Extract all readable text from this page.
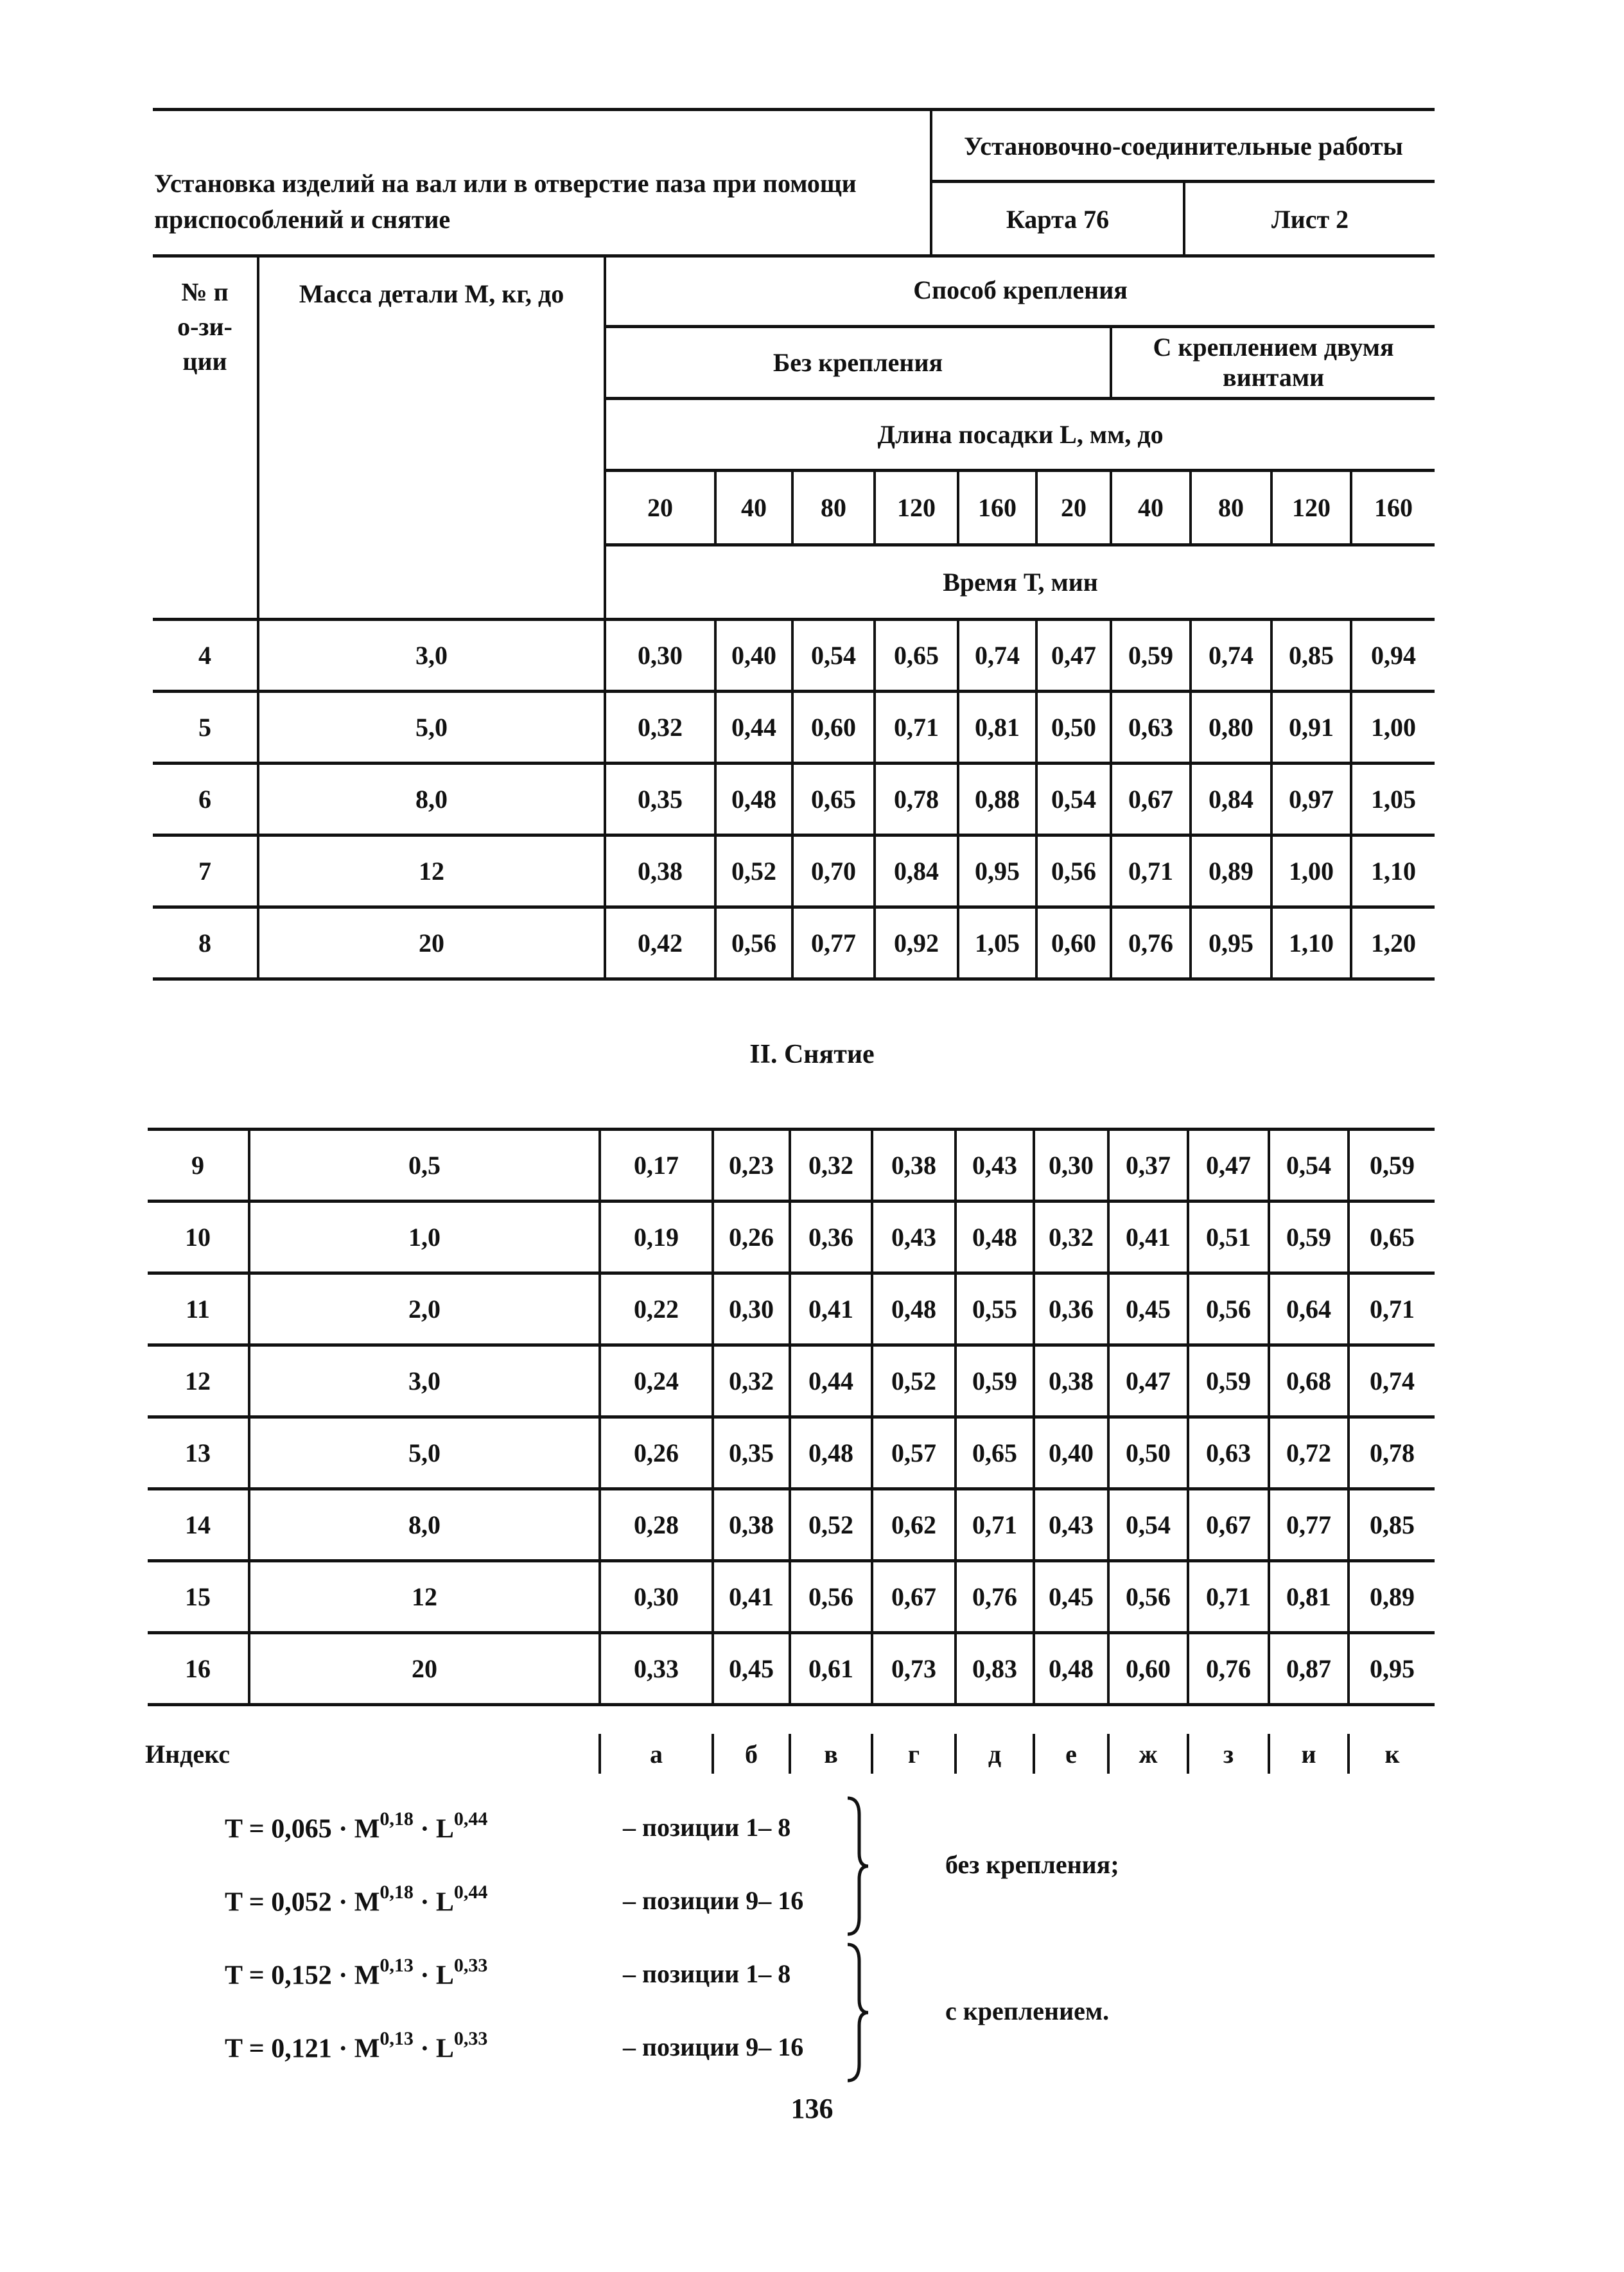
Установка изделий на вал или в отверстие паза при помощи приспособлений и снятие
Установочно-соединительные работы
Карта 76	Лист 2
№ по-зи-ции	Масса детали М, кг, до	Способ крепления									
		Без крепления						С креплением двумя винтами			
		Длина посадки L, мм, до									
		20	40	80	120	160	20	40	80	120	160
		Время Т, мин									
4	3,0	0,30	0,40	0,54	0,65	0,74	0,47	0,59	0,74	0,85	0,94
5	5,0	0,32	0,44	0,60	0,71	0,81	0,50	0,63	0,80	0,91	1,00
6	8,0	0,35	0,48	0,65	0,78	0,88	0,54	0,67	0,84	0,97	1,05
7	12	0,38	0,52	0,70	0,84	0,95	0,56	0,71	0,89	1,00	1,10
8	20	0,42	0,56	0,77	0,92	1,05	0,60	0,76	0,95	1,10	1,20
II. Снятие
9	0,5	0,17	0,23	0,32	0,38	0,43	0,30	0,37	0,47	0,54	0,59
10	1,0	0,19	0,26	0,36	0,43	0,48	0,32	0,41	0,51	0,59	0,65
11	2,0	0,22	0,30	0,41	0,48	0,55	0,36	0,45	0,56	0,64	0,71
12	3,0	0,24	0,32	0,44	0,52	0,59	0,38	0,47	0,59	0,68	0,74
13	5,0	0,26	0,35	0,48	0,57	0,65	0,40	0,50	0,63	0,72	0,78
14	8,0	0,28	0,38	0,52	0,62	0,71	0,43	0,54	0,67	0,77	0,85
15	12	0,30	0,41	0,56	0,67	0,76	0,45	0,56	0,71	0,81	0,89
16	20	0,33	0,45	0,61	0,73	0,83	0,48	0,60	0,76	0,87	0,95
Индекс	а	б	в	г	д	е	ж	з	и	к
T = 0,065 · M$^{0,18}$ · L$^{0,44}$	– позиции 1– 8
T = 0,052 · M$^{0,18}$ · L$^{0,44}$	– позиции 9– 16
T = 0,152 · M$^{0,13}$ · L$^{0,33}$	– позиции 1– 8
T = 0,121 · M$^{0,13}$ · L$^{0,33}$	– позиции 9– 16
без крепления;
с креплением.
136
